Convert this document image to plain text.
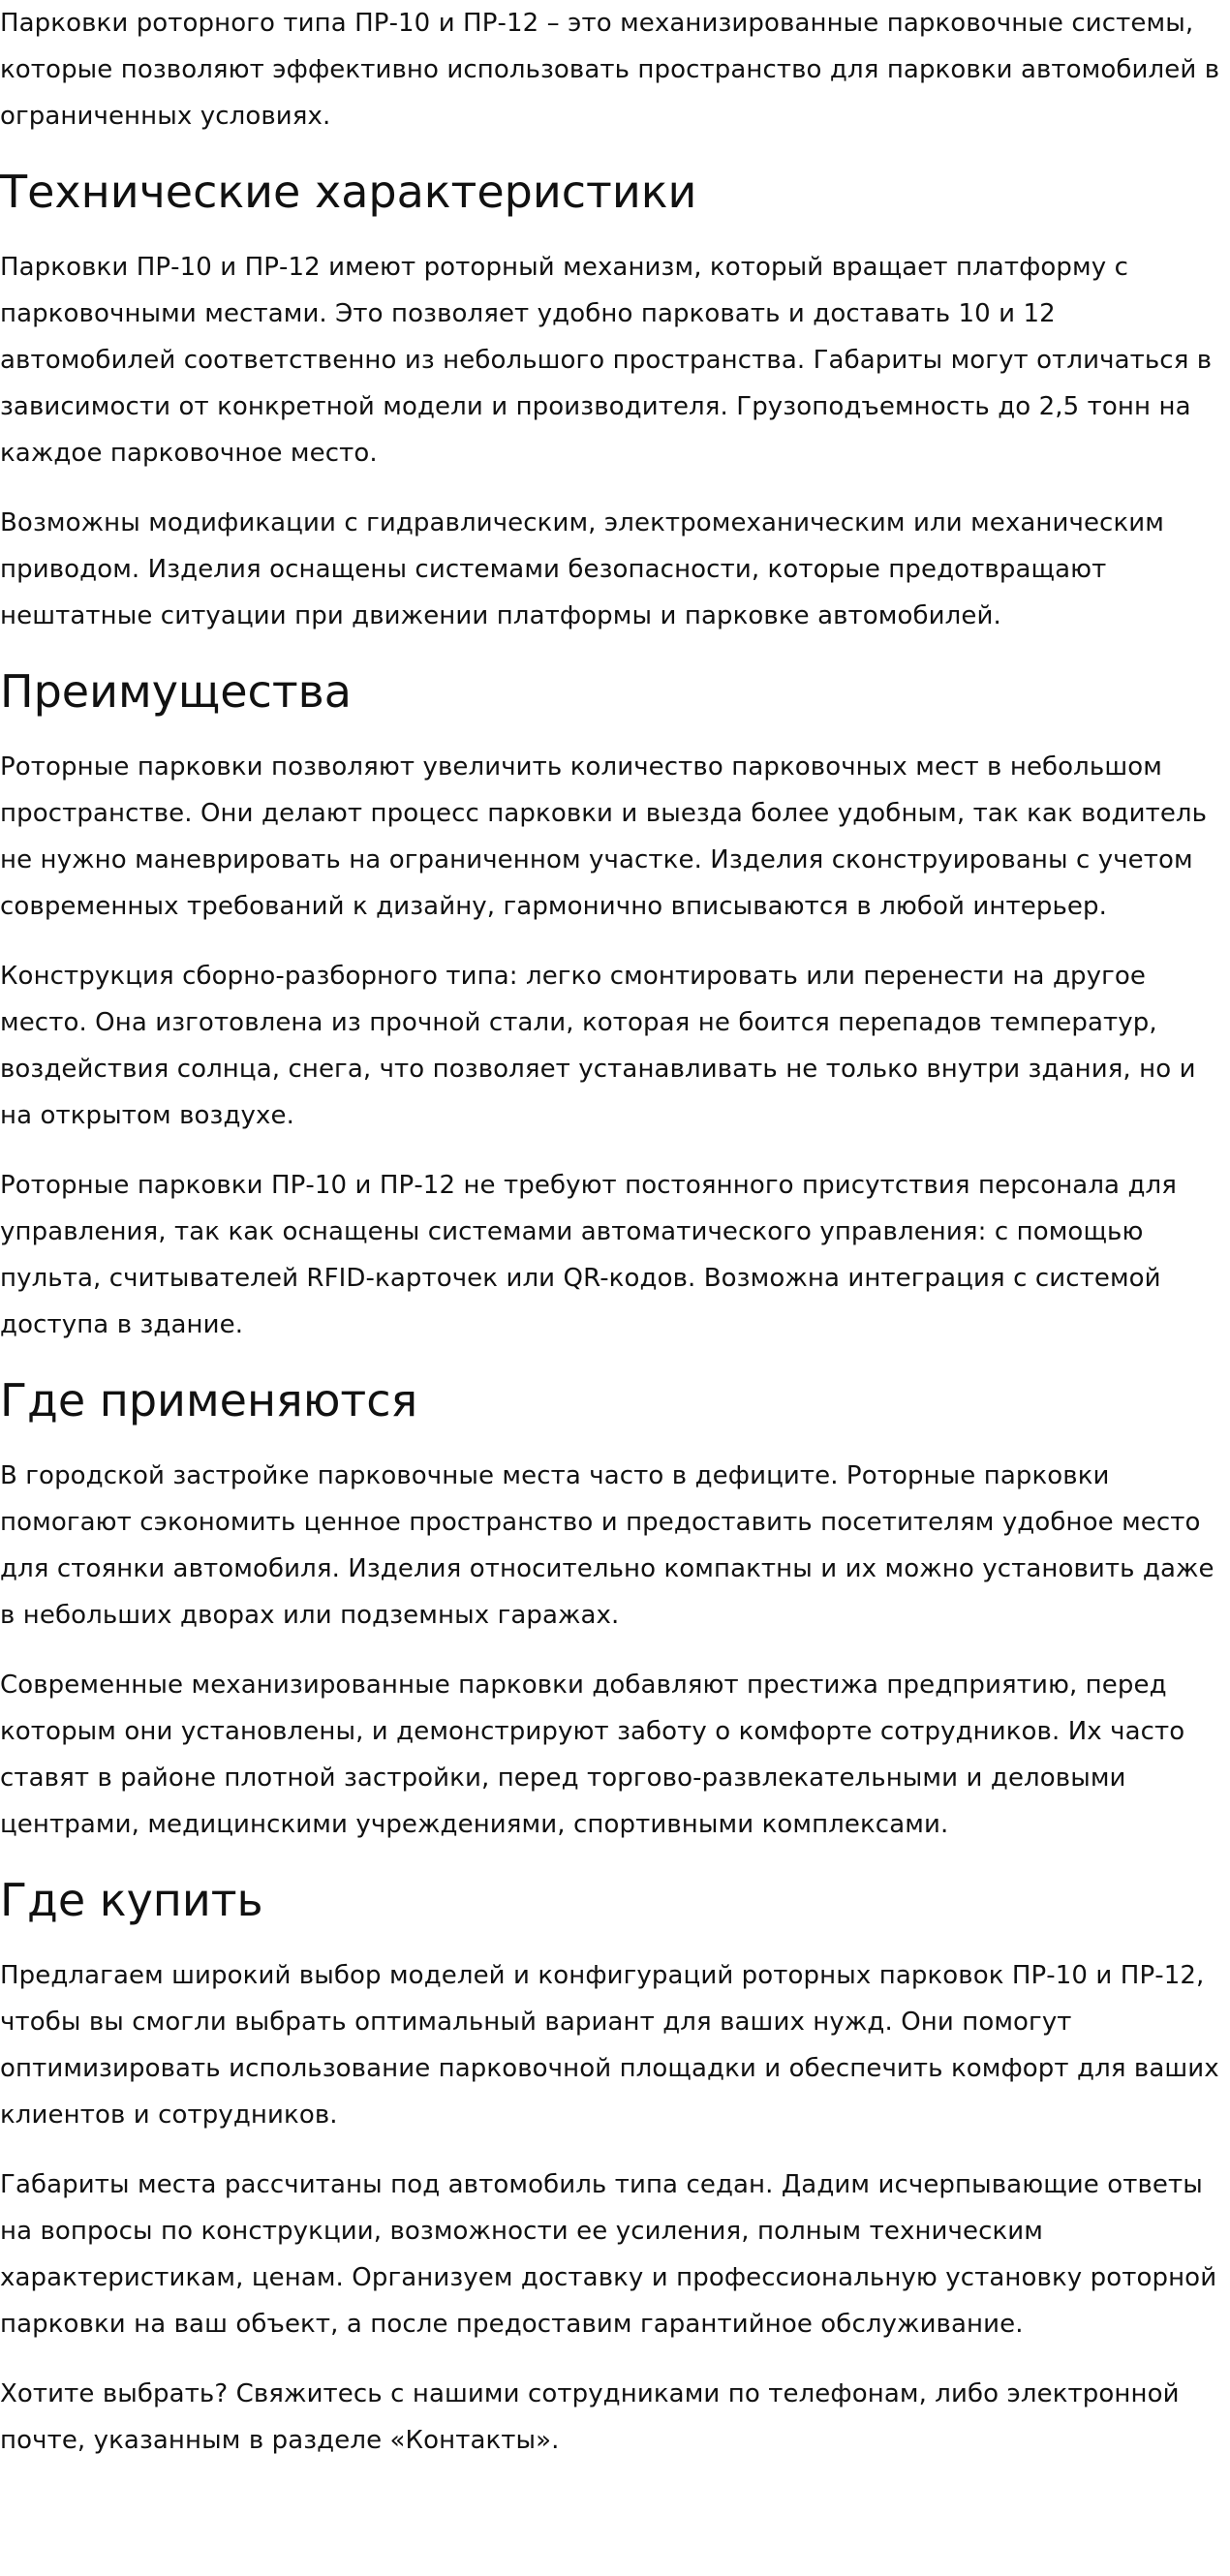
Парковки роторного типа ПР-10 и ПР-12 – это механизированные парковочные системы, которые позволяют эффективно использовать пространство для парковки автомобилей в ограниченных условиях.

Технические характеристики

Парковки ПР-10 и ПР-12 имеют роторный механизм, который вращает платформу с парковочными местами. Это позволяет удобно парковать и доставать 10 и 12 автомобилей соответственно из небольшого пространства. Габариты могут отличаться в зависимости от конкретной модели и производителя. Грузоподъемность до 2,5 тонн на каждое парковочное место.

Возможны модификации с гидравлическим, электромеханическим или механическим приводом. Изделия оснащены системами безопасности, которые предотвращают нештатные ситуации при движении платформы и парковке автомобилей.

Преимущества

Роторные парковки позволяют увеличить количество парковочных мест в небольшом пространстве. Они делают процесс парковки и выезда более удобным, так как водитель не нужно маневрировать на ограниченном участке. Изделия сконструированы с учетом современных требований к дизайну, гармонично вписываются в любой интерьер.

Конструкция сборно-разборного типа: легко смонтировать или перенести на другое место. Она изготовлена из прочной стали, которая не боится перепадов температур, воздействия солнца, снега, что позволяет устанавливать не только внутри здания, но и на открытом воздухе.

Роторные парковки ПР-10 и ПР-12 не требуют постоянного присутствия персонала для управления, так как оснащены системами автоматического управления: с помощью пульта, считывателей RFID-карточек или QR-кодов. Возможна интеграция с системой доступа в здание.

Где применяются

В городской застройке парковочные места часто в дефиците. Роторные парковки помогают сэкономить ценное пространство и предоставить посетителям удобное место для стоянки автомобиля. Изделия относительно компактны и их можно установить даже в небольших дворах или подземных гаражах.

Современные механизированные парковки добавляют престижа предприятию, перед которым они установлены, и демонстрируют заботу о комфорте сотрудников. Их часто ставят в районе плотной застройки, перед торгово-развлекательными и деловыми центрами, медицинскими учреждениями, спортивными комплексами.

Где купить

Предлагаем широкий выбор моделей и конфигураций роторных парковок ПР-10 и ПР-12, чтобы вы смогли выбрать оптимальный вариант для ваших нужд. Они помогут оптимизировать использование парковочной площадки и обеспечить комфорт для ваших клиентов и сотрудников.

Габариты места рассчитаны под автомобиль типа седан. Дадим исчерпывающие ответы на вопросы по конструкции, возможности ее усиления, полным техническим характеристикам, ценам. Организуем доставку и профессиональную установку роторной парковки на ваш объект, а после предоставим гарантийное обслуживание.

Хотите выбрать? Свяжитесь с нашими сотрудниками по телефонам, либо электронной почте, указанным в разделе «Контакты».
